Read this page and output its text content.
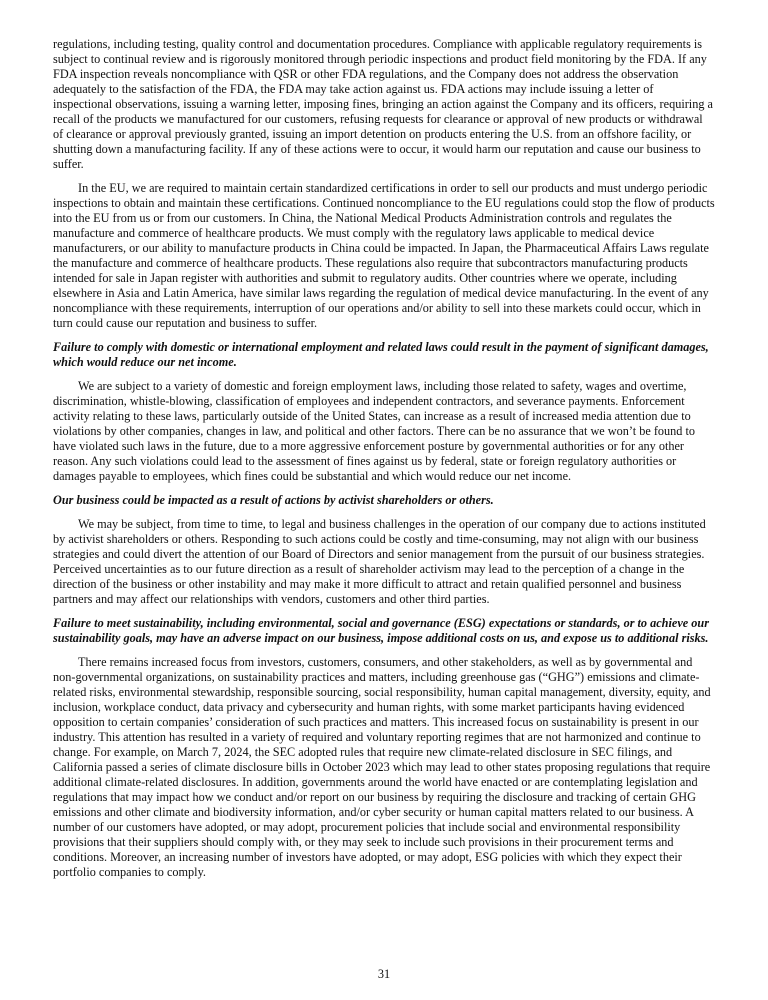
regulations, including testing, quality control and documentation procedures. Compliance with applicable regulatory requirements is subject to continual review and is rigorously monitored through periodic inspections and product field monitoring by the FDA. If any FDA inspection reveals noncompliance with QSR or other FDA regulations, and the Company does not address the observation adequately to the satisfaction of the FDA, the FDA may take action against us. FDA actions may include issuing a letter of inspectional observations, issuing a warning letter, imposing fines, bringing an action against the Company and its officers, requiring a recall of the products we manufactured for our customers, refusing requests for clearance or approval of new products or withdrawal of clearance or approval previously granted, issuing an import detention on products entering the U.S. from an offshore facility, or shutting down a manufacturing facility. If any of these actions were to occur, it would harm our reputation and cause our business to suffer.

In the EU, we are required to maintain certain standardized certifications in order to sell our products and must undergo periodic inspections to obtain and maintain these certifications. Continued noncompliance to the EU regulations could stop the flow of products into the EU from us or from our customers. In China, the National Medical Products Administration controls and regulates the manufacture and commerce of healthcare products. We must comply with the regulatory laws applicable to medical device manufacturers, or our ability to manufacture products in China could be impacted. In Japan, the Pharmaceutical Affairs Laws regulate the manufacture and commerce of healthcare products. These regulations also require that subcontractors manufacturing products intended for sale in Japan register with authorities and submit to regulatory audits. Other countries where we operate, including elsewhere in Asia and Latin America, have similar laws regarding the regulation of medical device manufacturing. In the event of any noncompliance with these requirements, interruption of our operations and/or ability to sell into these markets could occur, which in turn could cause our reputation and business to suffer.

Failure to comply with domestic or international employment and related laws could result in the payment of significant damages, which would reduce our net income.

We are subject to a variety of domestic and foreign employment laws, including those related to safety, wages and overtime, discrimination, whistle-blowing, classification of employees and independent contractors, and severance payments. Enforcement activity relating to these laws, particularly outside of the United States, can increase as a result of increased media attention due to violations by other companies, changes in law, and political and other factors. There can be no assurance that we won’t be found to have violated such laws in the future, due to a more aggressive enforcement posture by governmental authorities or for any other reason. Any such violations could lead to the assessment of fines against us by federal, state or foreign regulatory authorities or damages payable to employees, which fines could be substantial and which would reduce our net income.

Our business could be impacted as a result of actions by activist shareholders or others.

We may be subject, from time to time, to legal and business challenges in the operation of our company due to actions instituted by activist shareholders or others. Responding to such actions could be costly and time-consuming, may not align with our business strategies and could divert the attention of our Board of Directors and senior management from the pursuit of our business strategies. Perceived uncertainties as to our future direction as a result of shareholder activism may lead to the perception of a change in the direction of the business or other instability and may make it more difficult to attract and retain qualified personnel and business partners and may affect our relationships with vendors, customers and other third parties.

Failure to meet sustainability, including environmental, social and governance (ESG) expectations or standards, or to achieve our sustainability goals, may have an adverse impact on our business, impose additional costs on us, and expose us to additional risks.

There remains increased focus from investors, customers, consumers, and other stakeholders, as well as by governmental and non-governmental organizations, on sustainability practices and matters, including greenhouse gas (“GHG”) emissions and climate-related risks, environmental stewardship, responsible sourcing, social responsibility, human capital management, diversity, equity, and inclusion, workplace conduct, data privacy and cybersecurity and human rights, with some market participants having evidenced opposition to certain companies’ consideration of such practices and matters. This increased focus on sustainability is present in our industry. This attention has resulted in a variety of required and voluntary reporting regimes that are not harmonized and continue to change. For example, on March 7, 2024, the SEC adopted rules that require new climate-related disclosure in SEC filings, and California passed a series of climate disclosure bills in October 2023 which may lead to other states proposing regulations that require additional climate-related disclosures. In addition, governments around the world have enacted or are contemplating legislation and regulations that may impact how we conduct and/or report on our business by requiring the disclosure and tracking of certain GHG emissions and other climate and biodiversity information, and/or cyber security or human capital matters related to our business. A number of our customers have adopted, or may adopt, procurement policies that include social and environmental responsibility provisions that their suppliers should comply with, or they may seek to include such provisions in their procurement terms and conditions. Moreover, an increasing number of investors have adopted, or may adopt, ESG policies with which they expect their portfolio companies to comply.

31
